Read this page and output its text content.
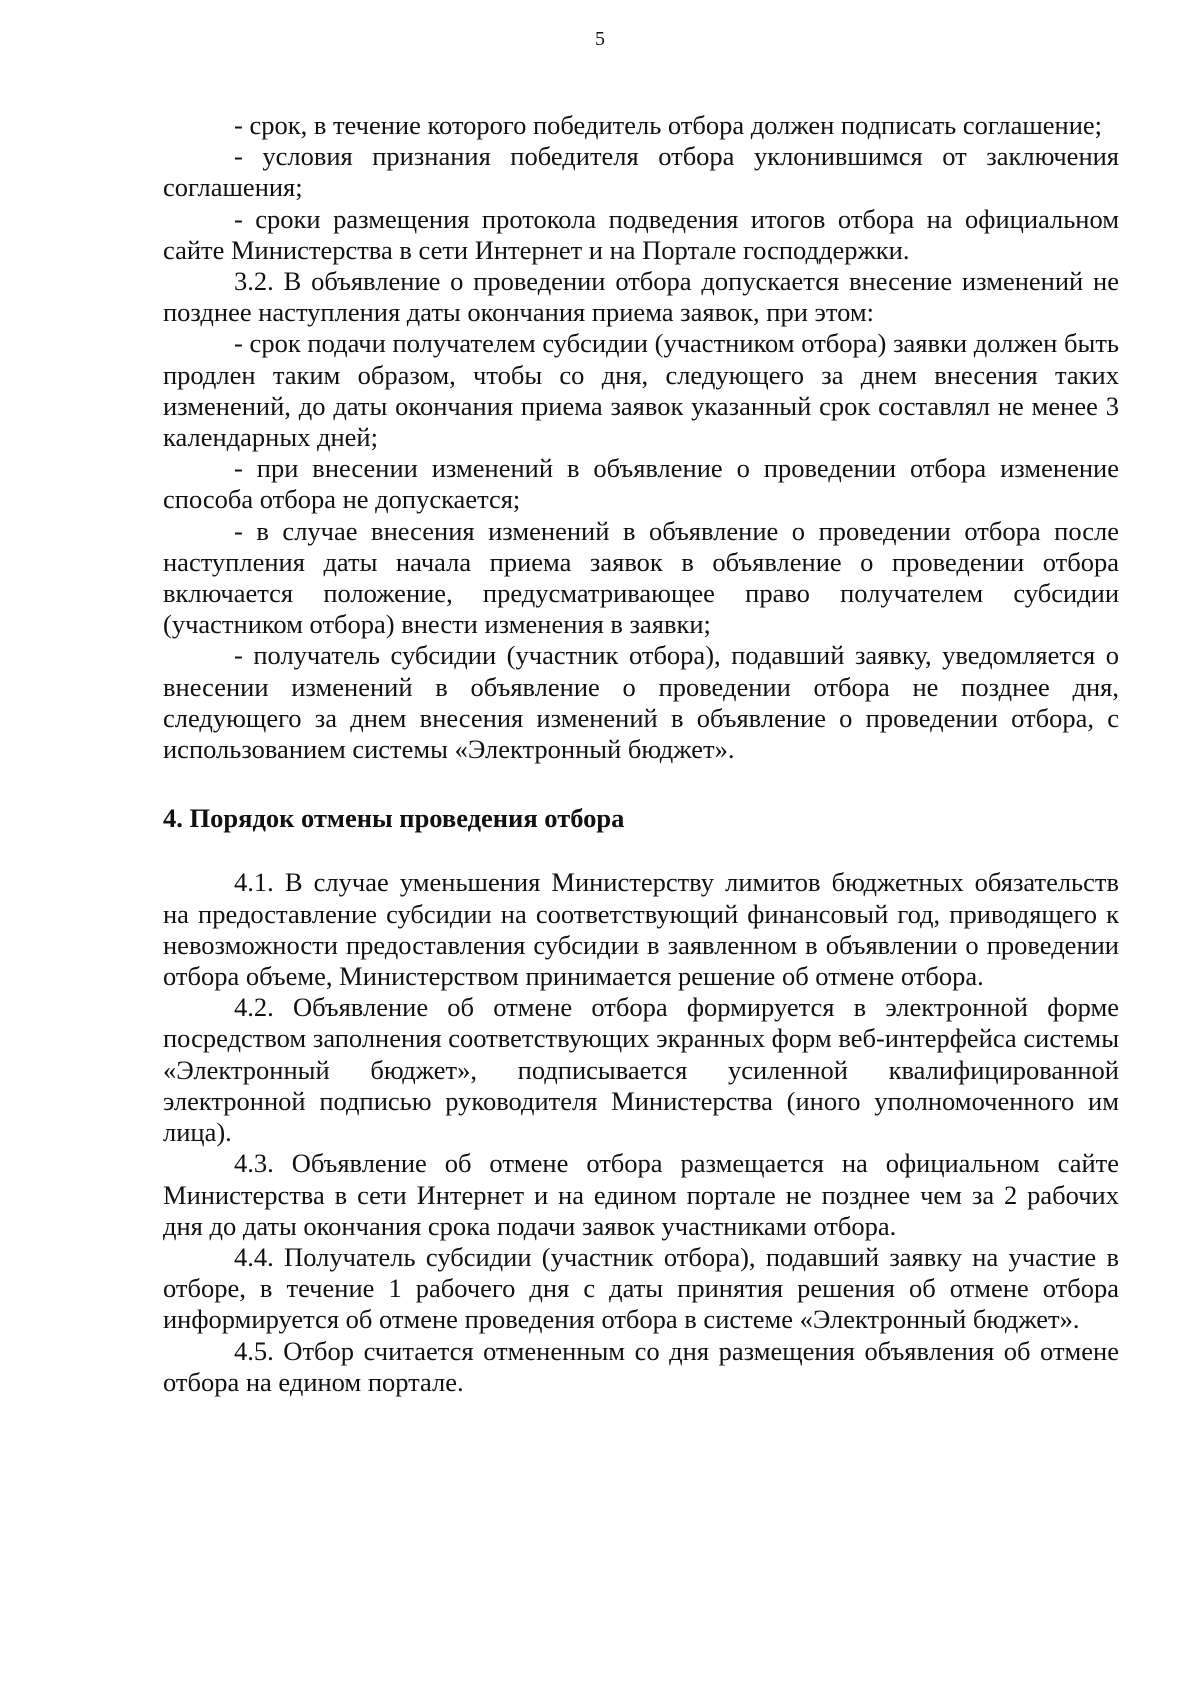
5

- срок, в течение которого победитель отбора должен подписать соглашение;

- условия признания победителя отбора уклонившимся от заключения соглашения;

- сроки размещения протокола подведения итогов отбора на официальном сайте Министерства в сети Интернет и на Портале господдержки.

3.2. В объявление о проведении отбора допускается внесение изменений не позднее наступления даты окончания приема заявок, при этом:

- срок подачи получателем субсидии (участником отбора) заявки должен быть продлен таким образом, чтобы со дня, следующего за днем внесения таких изменений, до даты окончания приема заявок указанный срок составлял не менее 3 календарных дней;

- при внесении изменений в объявление о проведении отбора изменение способа отбора не допускается;

- в случае внесения изменений в объявление о проведении отбора после наступления даты начала приема заявок в объявление о проведении отбора включается положение, предусматривающее право получателем субсидии (участником отбора) внести изменения в заявки;

- получатель субсидии (участник отбора), подавший заявку, уведомляется о внесении изменений в объявление о проведении отбора не позднее дня, следующего за днем внесения изменений в объявление о проведении отбора, с использованием системы «Электронный бюджет».

4. Порядок отмены проведения отбора

4.1. В случае уменьшения Министерству лимитов бюджетных обязательств на предоставление субсидии на соответствующий финансовый год, приводящего к невозможности предоставления субсидии в заявленном в объявлении о проведении отбора объеме, Министерством принимается решение об отмене отбора.

4.2. Объявление об отмене отбора формируется в электронной форме посредством заполнения соответствующих экранных форм веб-интерфейса системы «Электронный бюджет», подписывается усиленной квалифицированной электронной подписью руководителя Министерства (иного уполномоченного им лица).

4.3. Объявление об отмене отбора размещается на официальном сайте Министерства в сети Интернет и на едином портале не позднее чем за 2 рабочих дня до даты окончания срока подачи заявок участниками отбора.

4.4. Получатель субсидии (участник отбора), подавший заявку на участие в отборе, в течение 1 рабочего дня с даты принятия решения об отмене отбора информируется об отмене проведения отбора в системе «Электронный бюджет».

4.5. Отбор считается отмененным со дня размещения объявления об отмене отбора на едином портале.
